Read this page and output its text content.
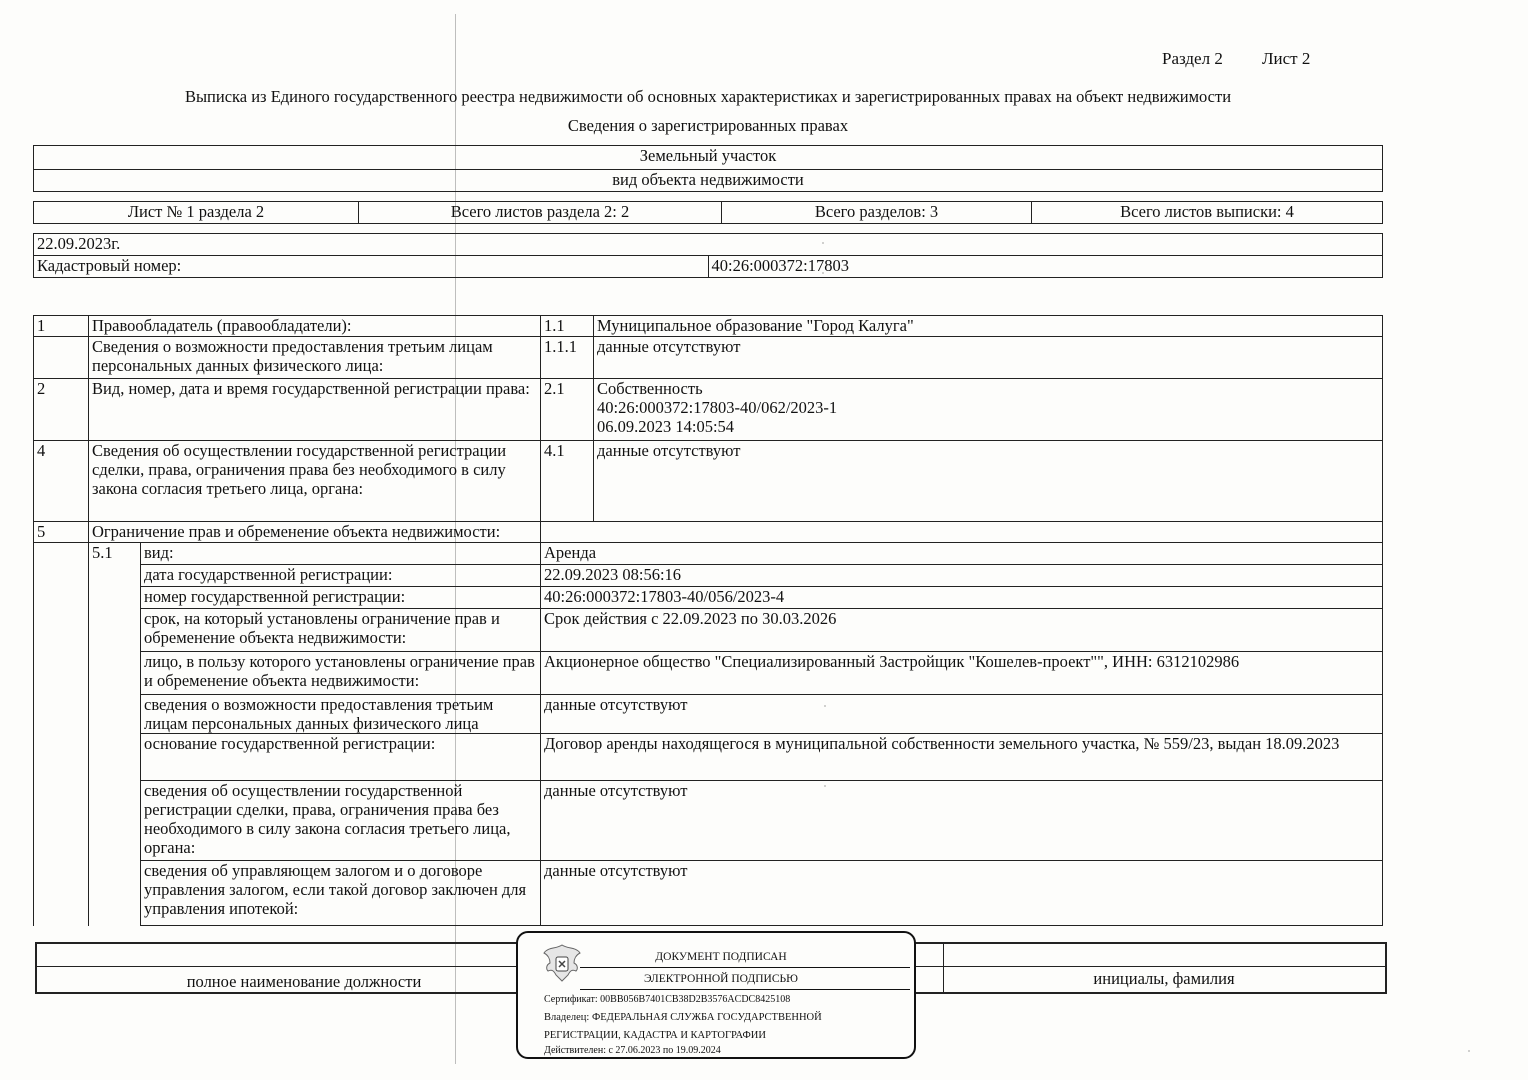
Раздел 2 Лист 2
Выписка из Единого государственного реестра недвижимости об основных характеристиках и зарегистрированных правах на объект недвижимости
Сведения о зарегистрированных правах
Земельный участок
вид объекта недвижимости
Лист № 1 раздела 2	Всего листов раздела 2: 2	Всего разделов: 3	Всего листов выписки: 4
22.09.2023г.
Кадастровый номер:	40:26:000372:17803
1	Правообладатель (правообладатели):		1.1	Муниципальное образование "Город Калуга"
	Сведения о возможности предоставления третьим лицам персональных данных физического лица:		1.1.1	данные отсутствуют
2	Вид, номер, дата и время государственной регистрации права:		2.1	Собственность
40:26:000372:17803-40/062/2023-1
06.09.2023 14:05:54
4	Сведения об осуществлении государственной регистрации сделки, права, ограничения права без необходимого в силу закона согласия третьего лица, органа:		4.1	данные отсутствуют
5	Ограничение прав и обременение объекта недвижимости:			
	5.1	вид:	Аренда	
		дата государственной регистрации:	22.09.2023 08:56:16	
		номер государственной регистрации:	40:26:000372:17803-40/056/2023-4	
		срок, на который установлены ограничение прав и обременение объекта недвижимости:	Срок действия с 22.09.2023 по 30.03.2026	
		лицо, в пользу которого установлены ограничение прав и обременение объекта недвижимости:	Акционерное общество "Специализированный Застройщик "Кошелев-проект"", ИНН: 6312102986	
		сведения о возможности предоставления третьим лицам персональных данных физического лица	данные отсутствуют	
		основание государственной регистрации:	Договор аренды находящегося в муниципальной собственности земельного участка, № 559/23, выдан 18.09.2023	
		сведения об осуществлении государственной регистрации сделки, права, ограничения права без необходимого в силу закона согласия третьего лица, органа:	данные отсутствуют	
		сведения об управляющем залогом и о договоре управления залогом, если такой договор заключен для управления ипотекой:	данные отсутствуют	
полное наименование должности	инициалы, фамилия
ДОКУМЕНТ ПОДПИСАН
ЭЛЕКТРОННОЙ ПОДПИСЬЮ
Сертификат: 00BB056B7401CB38D2B3576ACDC8425108
Владелец: ФЕДЕРАЛЬНАЯ СЛУЖБА ГОСУДАРСТВЕННОЙ
РЕГИСТРАЦИИ, КАДАСТРА И КАРТОГРАФИИ
Действителен: с 27.06.2023 по 19.09.2024
